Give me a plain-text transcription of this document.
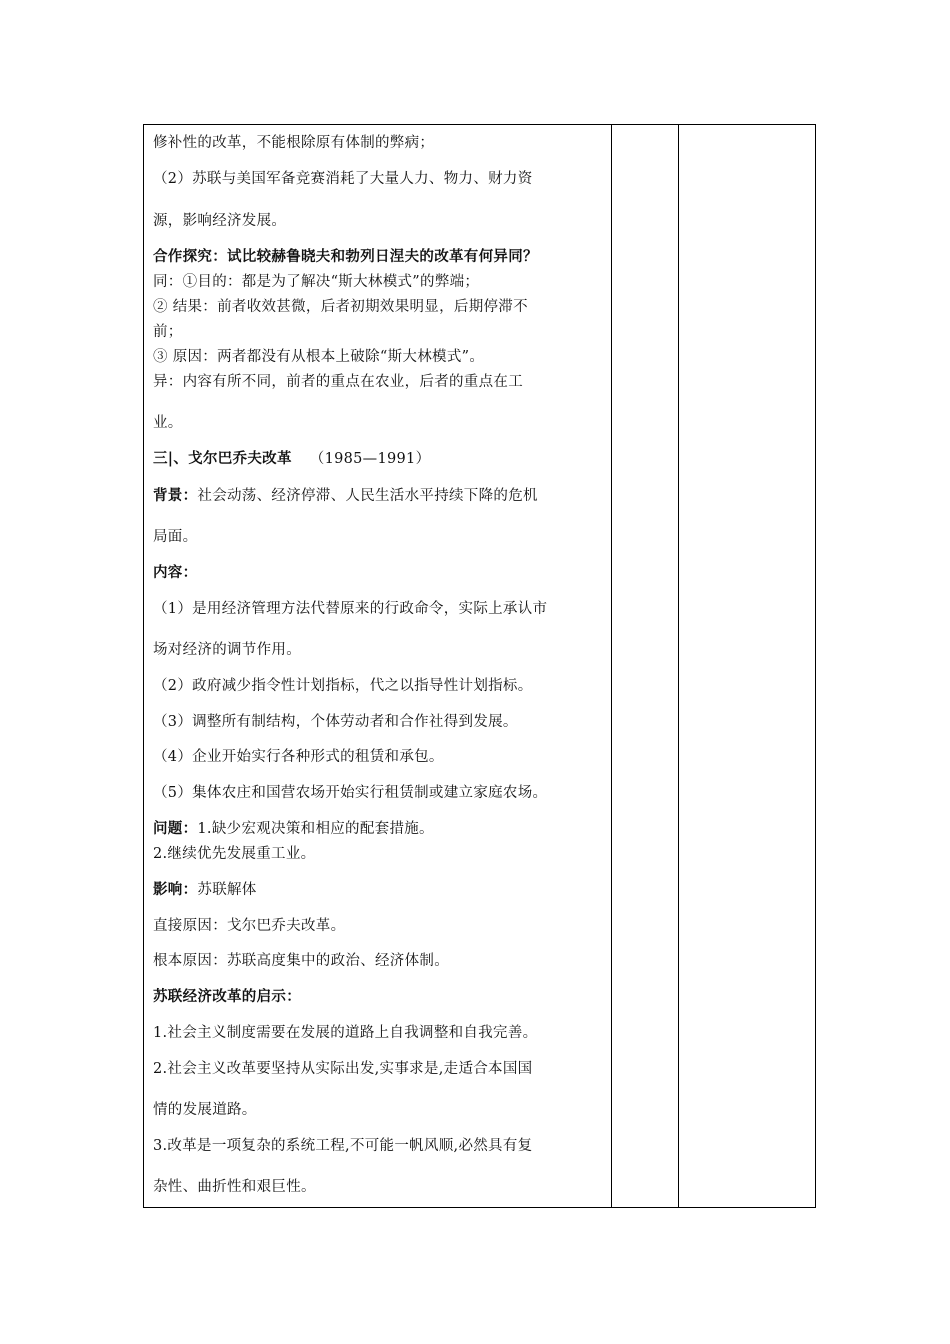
修补性的改革，不能根除原有体制的弊病；
（2）苏联与美国军备竞赛消耗了大量人力、物力、财力资
源，影响经济发展。
合作探究：试比较赫鲁晓夫和勃列日涅夫的改革有何异同？
同：①目的：都是为了解决“斯大林模式”的弊端；
② 结果：前者收效甚微，后者初期效果明显，后期停滞不
前；
③ 原因：两者都没有从根本上破除“斯大林模式”。
异：内容有所不同，前者的重点在农业，后者的重点在工
业。
三|、戈尔巴乔夫改革 （1985—1991）
背景：社会动荡、经济停滞、人民生活水平持续下降的危机
局面。
内容：
（1）是用经济管理方法代替原来的行政命令，实际上承认市
场对经济的调节作用。
（2）政府减少指令性计划指标，代之以指导性计划指标。
（3）调整所有制结构，个体劳动者和合作社得到发展。
（4）企业开始实行各种形式的租赁和承包。
（5）集体农庄和国营农场开始实行租赁制或建立家庭农场。
问题：1.缺少宏观决策和相应的配套措施。
2.继续优先发展重工业。
影响：苏联解体
直接原因：戈尔巴乔夫改革。
根本原因：苏联高度集中的政治、经济体制。
苏联经济改革的启示：
1.社会主义制度需要在发展的道路上自我调整和自我完善。
2.社会主义改革要坚持从实际出发,实事求是,走适合本国国
情的发展道路。
3.改革是一项复杂的系统工程,不可能一帆风顺,必然具有复
杂性、曲折性和艰巨性。
